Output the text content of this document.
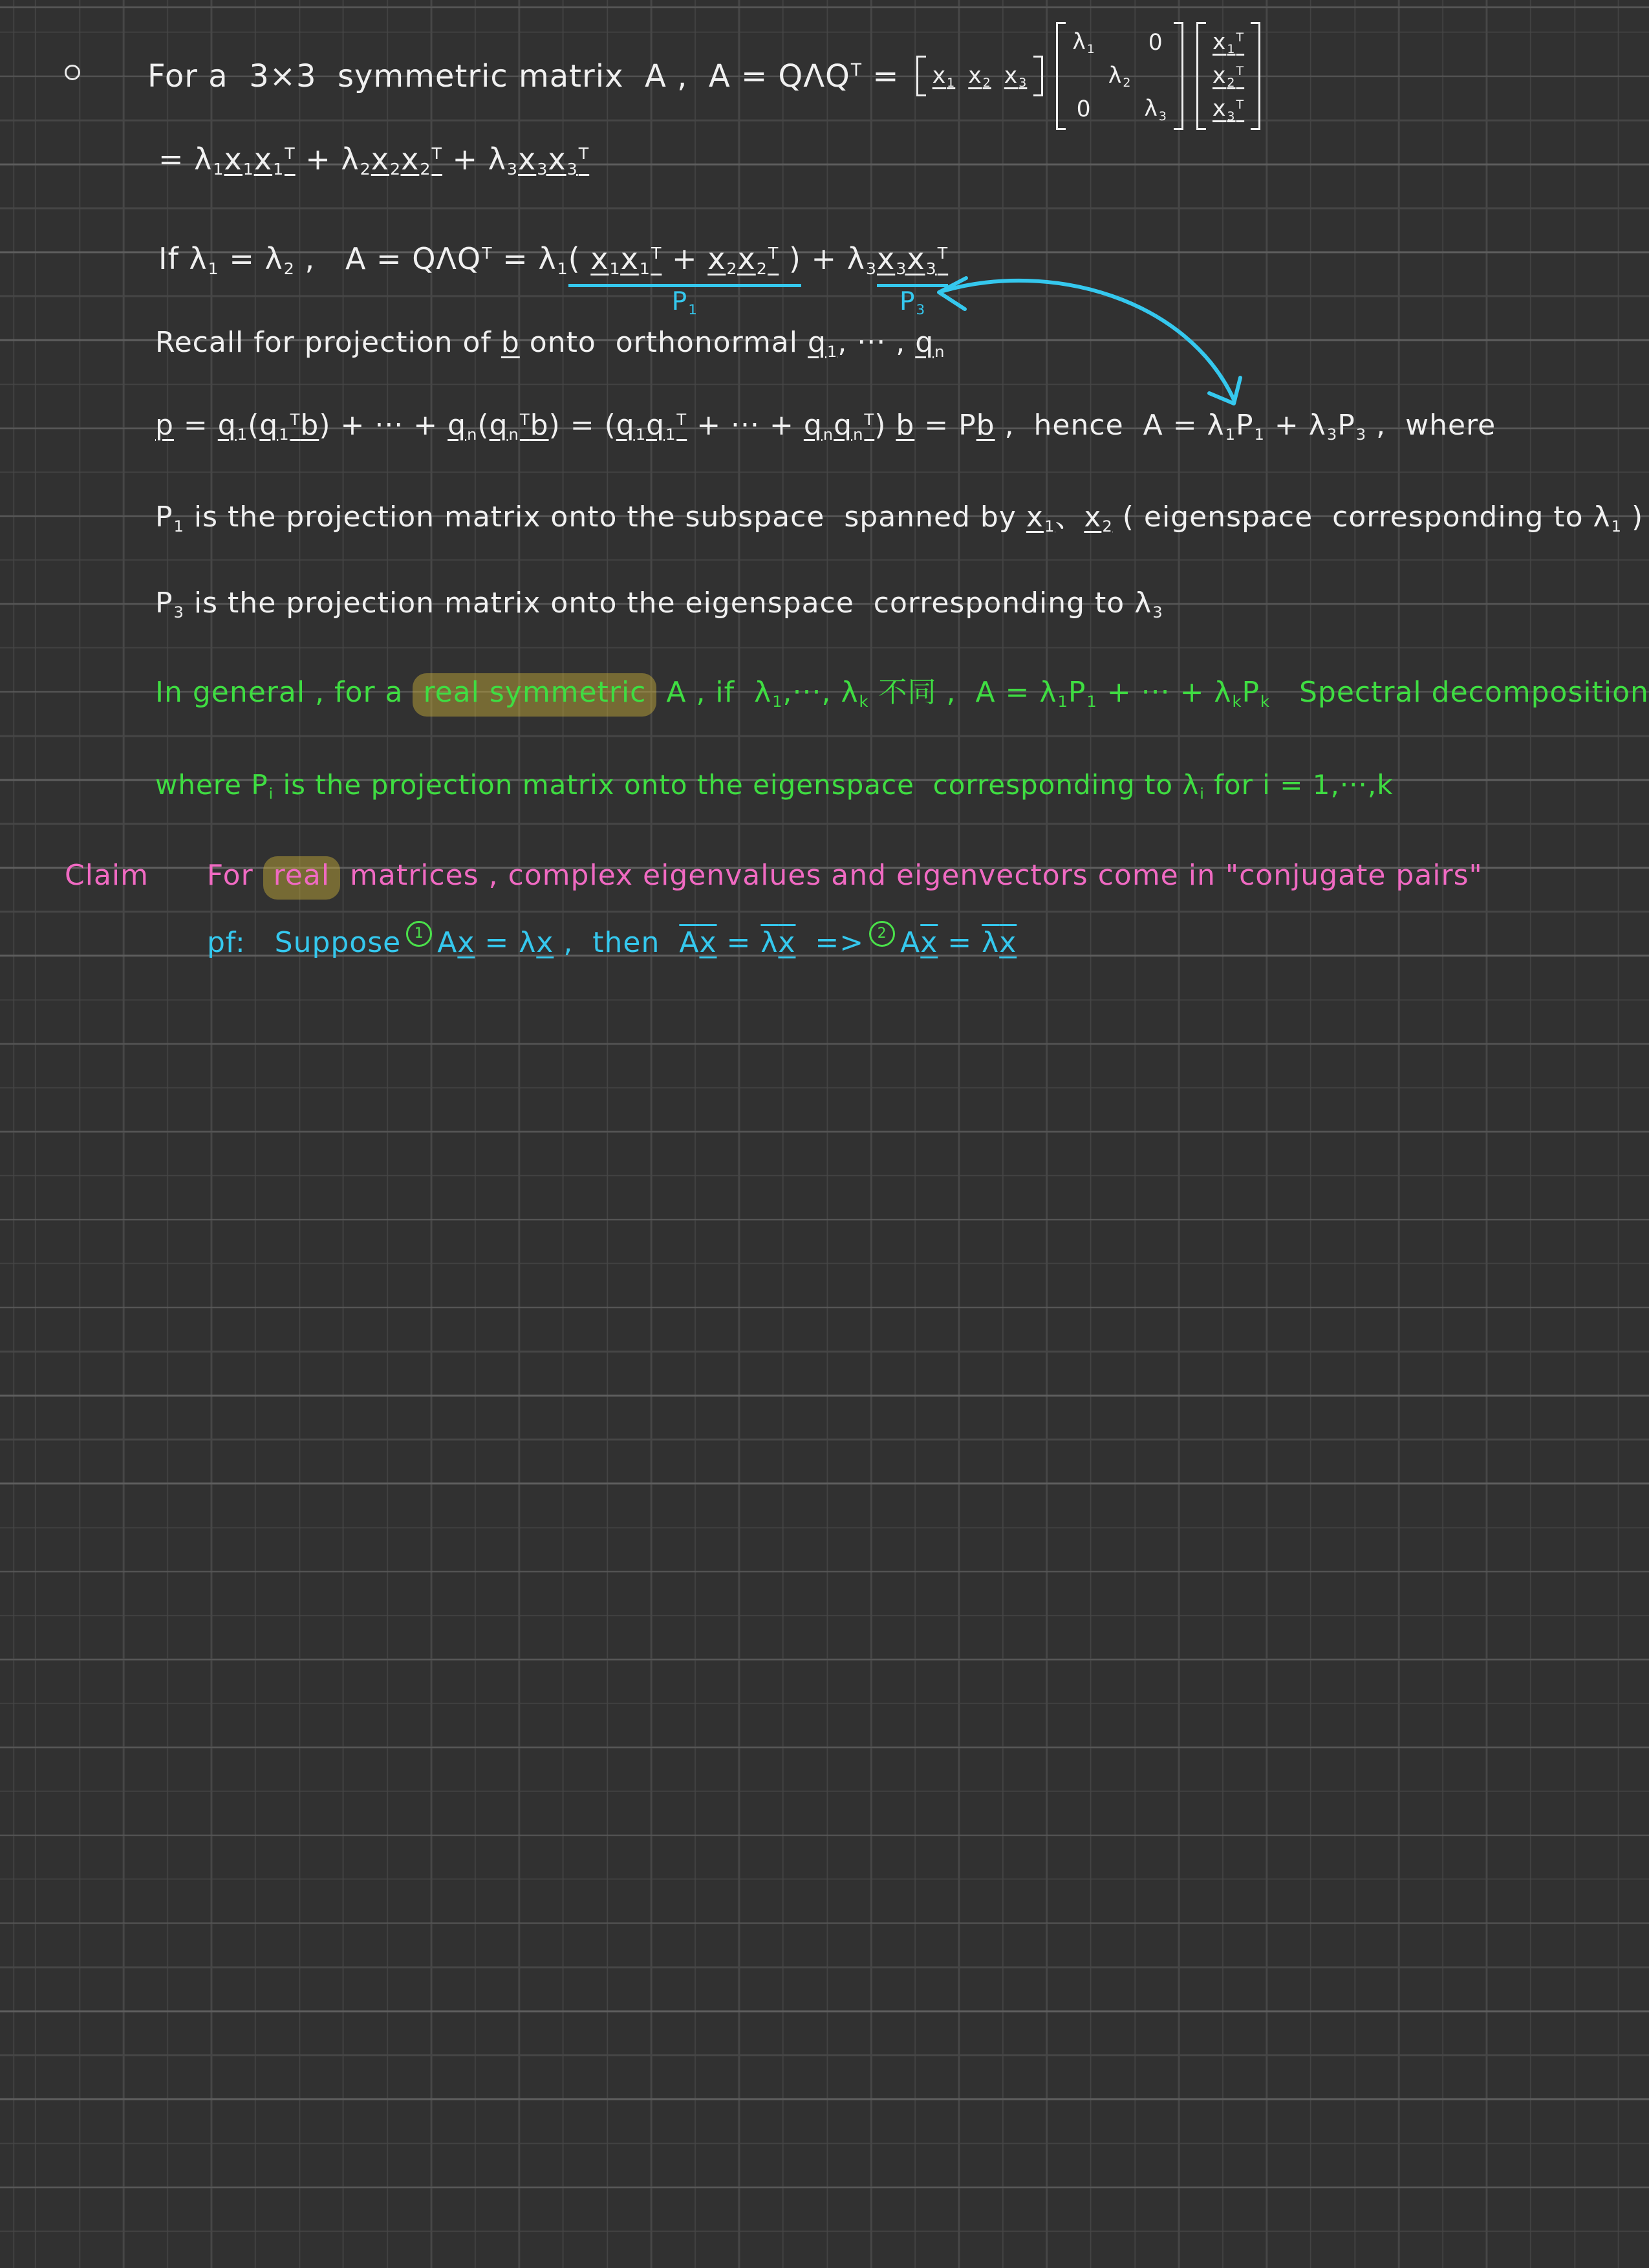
For a  3×3  symmetric matrix  A ,  $A = Q\Lambda Q^T = x1$ x2 x3
λ1
0

λ2

0
λ3
$x1^T$
$x2^T$
$x3^T$
= $\lambda 1x1x1^T + \lambda 2x2x2^T + \lambda 3x3x3^T$
If λ1 = λ2 ,   $A = Q\Lambda Q^T = \lambda 1$( $x1x1^T + x2x2^T$ )
P1
+ $\lambda 3x3x3^T$
P3
Recall for projection of b onto  orthonormal q1, ··· , qn
$p = q1(q1^Tb)$ + ··· + $qn(qn^Tb) = (q1q1^T$ + ··· + qnqn$^T$) b = Pb ,  hence  A = λ1P1 + λ3P3 ,  where
P1 is the projection matrix onto the subspace  spanned by x1、x2 ( eigenspace  corresponding to λ1 )
P3 is the projection matrix onto the eigenspace  corresponding to λ3
In general , for a real symmetric A , if  λ1,···, λk 不同 ,  A = λ1P1 + ··· + λkPk   Spectral decomposition
where Pi is the projection matrix onto the eigenspace  corresponding to λi for i = 1,···,k
Claim      For real matrices , complex eigenvalues and eigenvectors come in "conjugate pairs"
pf:   Suppose 1 Ax = λx ,  then  $\overline{A}x = \overline{\lambda}x => 2$ $Ax = \overline{\lambda}x$
